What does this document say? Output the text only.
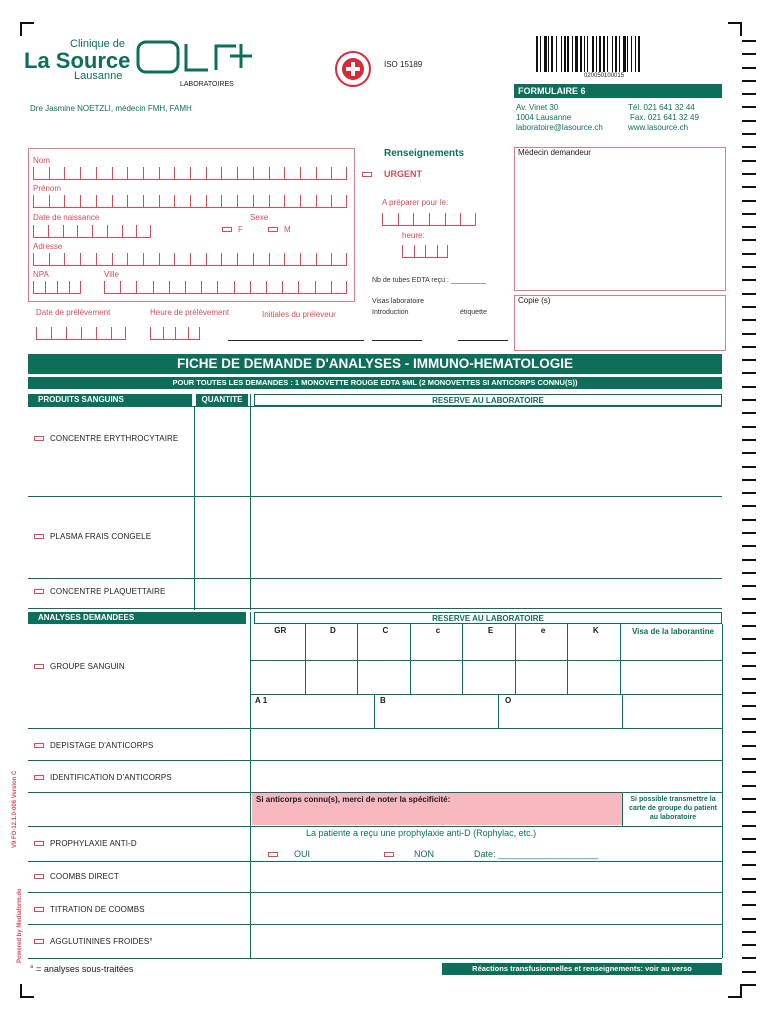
Clinique de
La Source
Lausanne
LABORATOIRES
Dre Jasmine NOETZLI, médecin FMH, FAMH
ISO 15189
020050100015
FORMULAIRE 6
Av. Vinet 30
1004 Lausanne
laboratoire@lasource.ch
Tél. 021 641 32 44
Fax. 021 641 32 49
www.lasource.ch
Nom
Prénom
Date de naissance	Sexe
F	M
Adresse
NPA	Ville
Date de prélèvement	Heure de prélèvement	Initiales du préleveur
Renseignements
URGENT
A préparer pour le:
heure:
Nb de tubes EDTA reçu : _________
Visas laboratoire
Introduction	étiquette
Médecin demandeur
Copie (s)
FICHE DE DEMANDE D'ANALYSES - IMMUNO-HEMATOLOGIE
POUR TOUTES LES DEMANDES : 1 MONOVETTE ROUGE EDTA 9ML (2 MONOVETTES SI ANTICORPS CONNU(S))
PRODUITS SANGUINS	QUANTITE	RESERVE AU LABORATOIRE
CONCENTRE ERYTHROCYTAIRE
PLASMA FRAIS CONGELE
CONCENTRE PLAQUETTAIRE
ANALYSES DEMANDEES	RESERVE AU LABORATOIRE
GR	D	C	c	E	e	K
A 1	B	O
Visa de la laborantine
GROUPE SANGUIN
DEPISTAGE D'ANTICORPS
IDENTIFICATION D'ANTICORPS
Si anticorps connu(s), merci de noter la spécificité:	Si possible transmettre la carte de groupe du patient au laboratoire
PROPHYLAXIE ANTI-D
La patiente a reçu une prophylaxie anti-D (Rophylac, etc.)
OUI	NON	Date: ____________________
COOMBS DIRECT
TITRATION DE COOMBS
AGGLUTININES FROIDES°
° = analyses sous-traitées	Réactions transfusionnelles et renseignements: voir au verso
V9 FO-12.1.0-006 Version C
Powered by Mediaform.de
